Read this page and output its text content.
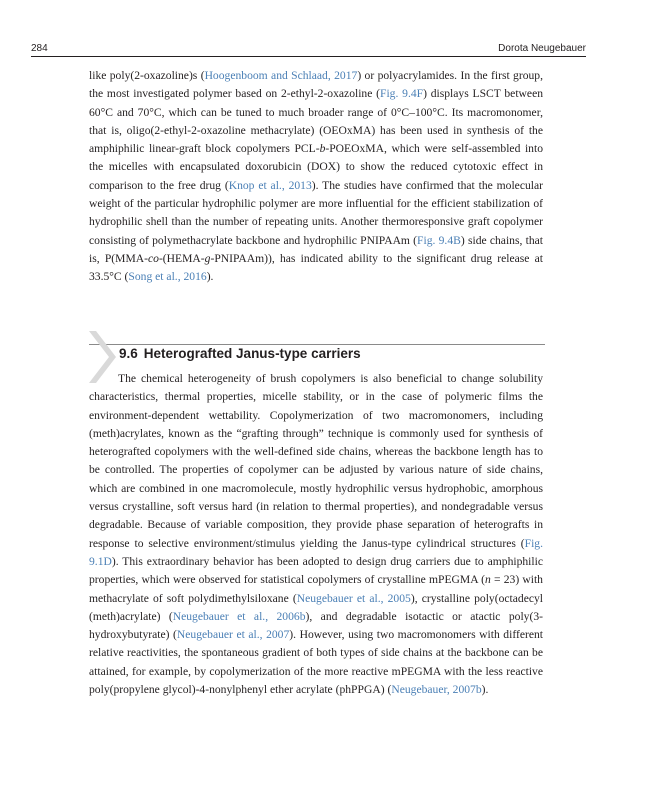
284	Dorota Neugebauer

like poly(2-oxazoline)s (Hoogenboom and Schlaad, 2017) or polyacrylamides. In the first group, the most investigated polymer based on 2-ethyl-2-oxazoline (Fig. 9.4F) displays LSCT between 60°C and 70°C, which can be tuned to much broader range of 0°C–100°C. Its macromonomer, that is, oligo(2-ethyl-2-oxazoline methacrylate) (OEOxMA) has been used in synthesis of the amphiphilic linear-graft block copolymers PCL-b-POEOxMA, which were self-assembled into the micelles with encapsulated doxorubicin (DOX) to show the reduced cytotoxic effect in comparison to the free drug (Knop et al., 2013). The studies have confirmed that the molecular weight of the particular hydrophilic polymer are more influential for the efficient stabilization of hydrophilic shell than the number of repeating units. Another thermoresponsive graft copolymer consisting of polymethacrylate backbone and hydrophilic PNIPAAm (Fig. 9.4B) side chains, that is, P(MMA-co-(HEMA-g-PNIPAAm)), has indicated ability to the significant drug release at 33.5°C (Song et al., 2016).

9.6 Heterografted Janus-type carriers

The chemical heterogeneity of brush copolymers is also beneficial to change solubility characteristics, thermal properties, micelle stability, or in the case of polymeric films the environment-dependent wettability. Copolymerization of two macromonomers, including (meth)acrylates, known as the “grafting through” technique is commonly used for synthesis of heterografted copolymers with the well-defined side chains, whereas the backbone length has to be controlled. The properties of copolymer can be adjusted by various nature of side chains, which are combined in one macromolecule, mostly hydrophilic versus hydrophobic, amorphous versus crystalline, soft versus hard (in relation to thermal properties), and nondegradable versus degradable. Because of variable composition, they provide phase separation of heterografts in response to selective environment/stimulus yielding the Janus-type cylindrical structures (Fig. 9.1D). This extraordinary behavior has been adopted to design drug carriers due to amphiphilic properties, which were observed for statistical copolymers of crystalline mPEGMA (n = 23) with methacrylate of soft polydimethylsiloxane (Neugebauer et al., 2005), crystalline poly(octadecyl (meth)acrylate) (Neugebauer et al., 2006b), and degradable isotactic or atactic poly(3-hydroxybutyrate) (Neugebauer et al., 2007). However, using two macromonomers with different relative reactivities, the spontaneous gradient of both types of side chains at the backbone can be attained, for example, by copolymerization of the more reactive mPEGMA with the less reactive poly(propylene glycol)-4-nonylphenyl ether acrylate (phPPGA) (Neugebauer, 2007b).
